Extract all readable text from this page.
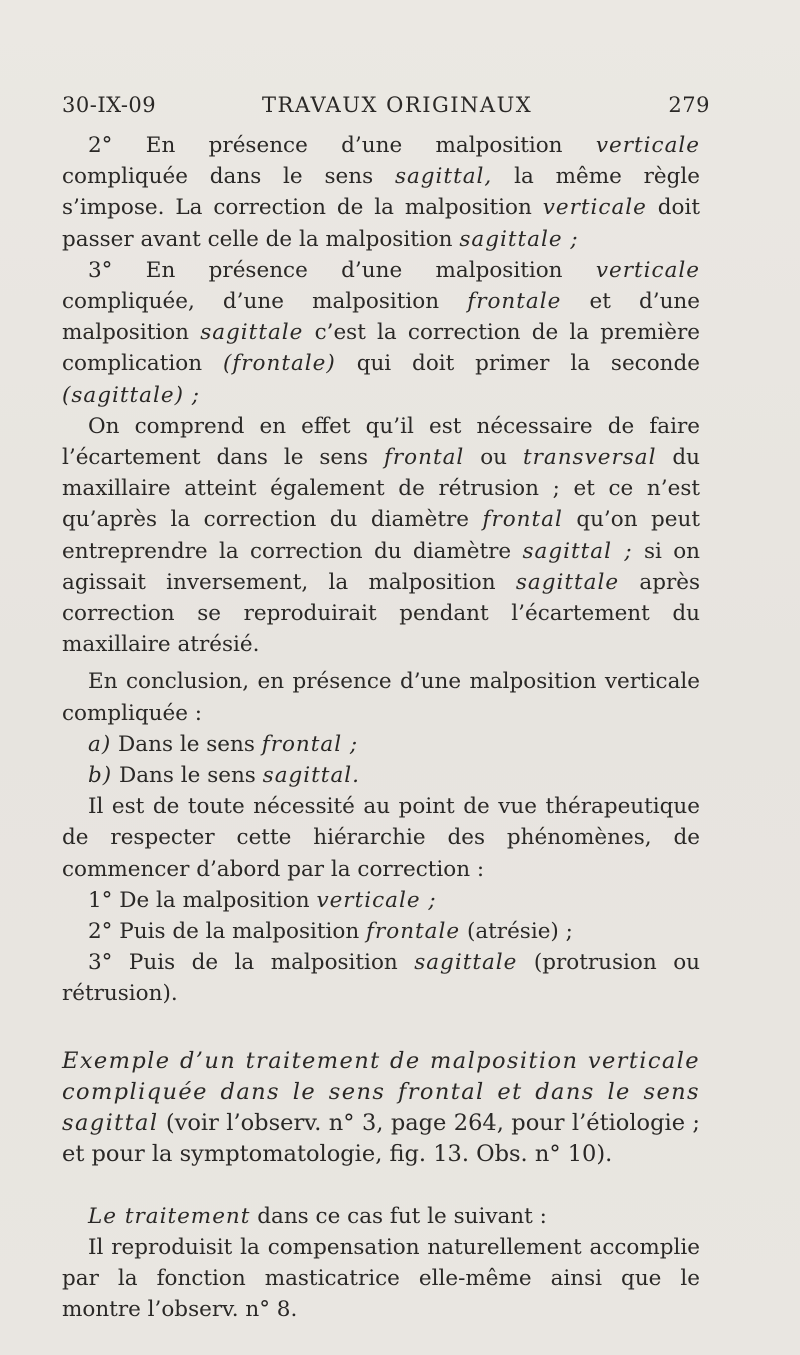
30-IX-09	TRAVAUX ORIGINAUX	279

2° En présence d’une malposition verticale compliquée dans le sens sagittal, la même règle s’impose. La correction de la malposition verticale doit passer avant celle de la malposition sagittale ;

3° En présence d’une malposition verticale compliquée, d’une malposition frontale et d’une malposition sagittale c’est la correction de la première complication (frontale) qui doit primer la seconde (sagittale) ;

On comprend en effet qu’il est nécessaire de faire l’écartement dans le sens frontal ou transversal du maxillaire atteint également de rétrusion ; et ce n’est qu’après la correction du diamètre frontal qu’on peut entreprendre la correction du diamètre sagittal ; si on agissait inversement, la malposition sagittale après correction se reproduirait pendant l’écartement du maxillaire atrésié.

En conclusion, en présence d’une malposition verticale compliquée :

a) Dans le sens frontal ;

b) Dans le sens sagittal.

Il est de toute nécessité au point de vue thérapeutique de respecter cette hiérarchie des phénomènes, de commencer d’abord par la correction :

1° De la malposition verticale ;

2° Puis de la malposition frontale (atrésie) ;

3° Puis de la malposition sagittale (protrusion ou rétrusion).

Exemple d’un traitement de malposition verticale compliquée dans le sens frontal et dans le sens sagittal (voir l’observ. n° 3, page 264, pour l’étiologie ; et pour la symptomatologie, fig. 13. Obs. n° 10).

Le traitement dans ce cas fut le suivant :

Il reproduisit la compensation naturellement accomplie par la fonction masticatrice elle-même ainsi que le montre l’observ. n° 8.
